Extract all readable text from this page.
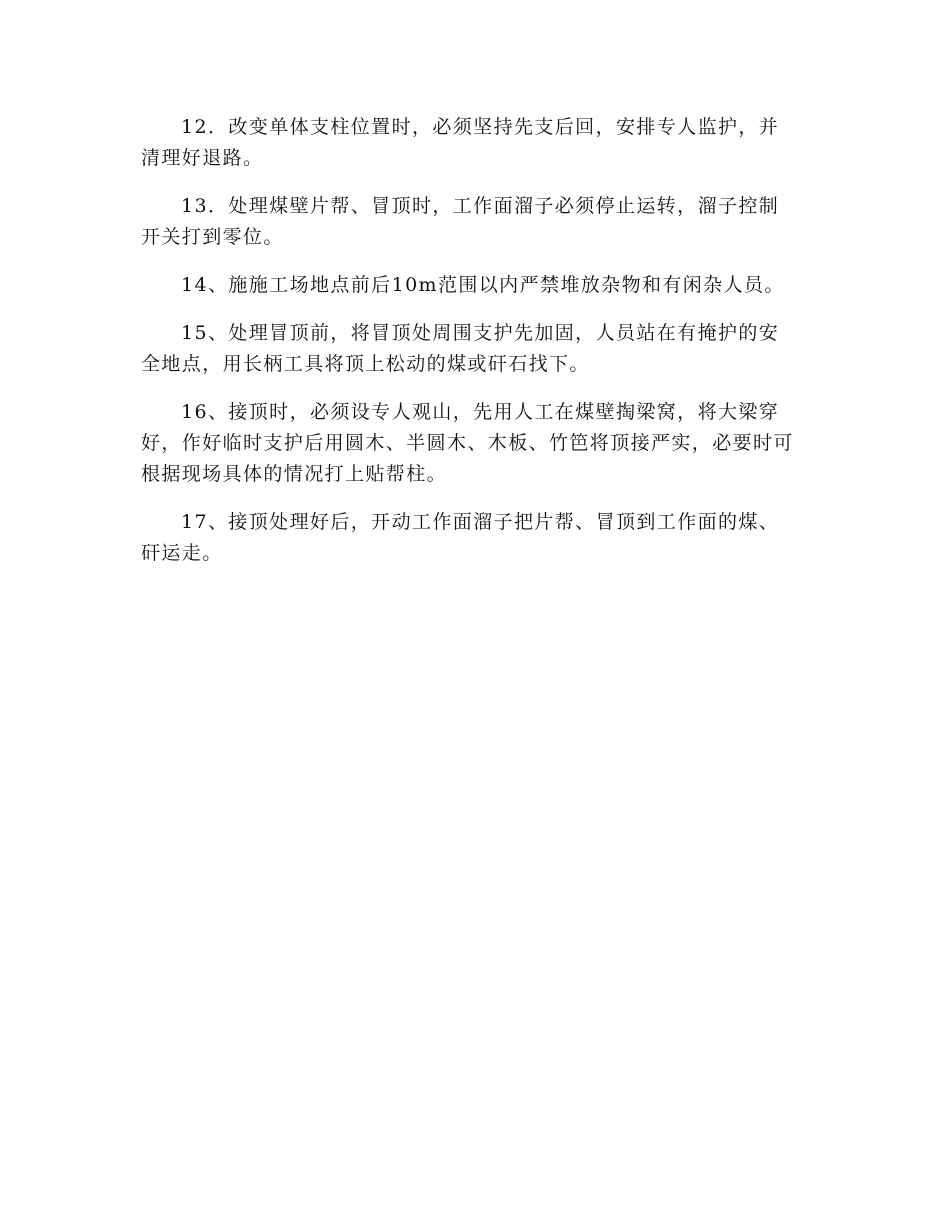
12．改变单体支柱位置时，必须坚持先支后回，安排专人监护，并清理好退路。

13．处理煤壁片帮、冒顶时，工作面溜子必须停止运转，溜子控制开关打到零位。

14、施施工场地点前后10m范围以内严禁堆放杂物和有闲杂人员。

15、处理冒顶前，将冒顶处周围支护先加固，人员站在有掩护的安全地点，用长柄工具将顶上松动的煤或矸石找下。

16、接顶时，必须设专人观山，先用人工在煤壁掏梁窝，将大梁穿好，作好临时支护后用圆木、半圆木、木板、竹笆将顶接严实，必要时可根据现场具体的情况打上贴帮柱。

17、接顶处理好后，开动工作面溜子把片帮、冒顶到工作面的煤、矸运走。
